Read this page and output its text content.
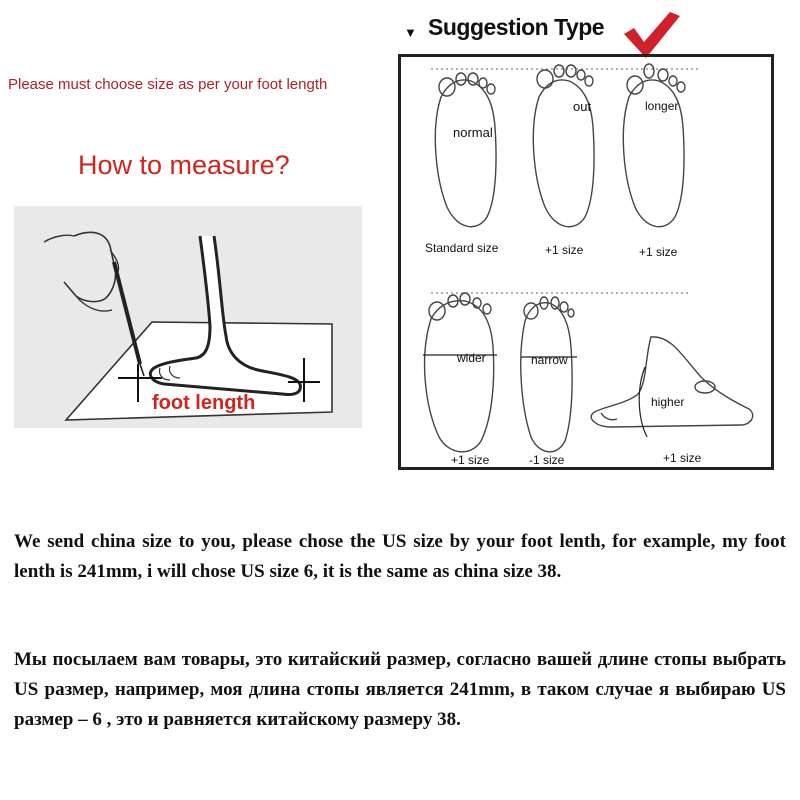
Please must choose size as per your foot length
How to measure?
foot length
▼ Suggestion Type
normal
out	longer
Standard size	+1 size	+1 size
wider	narrow
higher
+1 size	-1 size	+1 size
We send china size to you, please chose the US size by your foot lenth, for example, my foot lenth is 241mm, i will chose US size 6, it is the same as china size 38.
Мы посылаем вам товары, это китайский размер, согласно вашей длине стопы выбрать US размер, например, моя длина стопы является 241mm, в таком случае я выбираю US размер – 6 , это и равняется китайскому размеру 38.
